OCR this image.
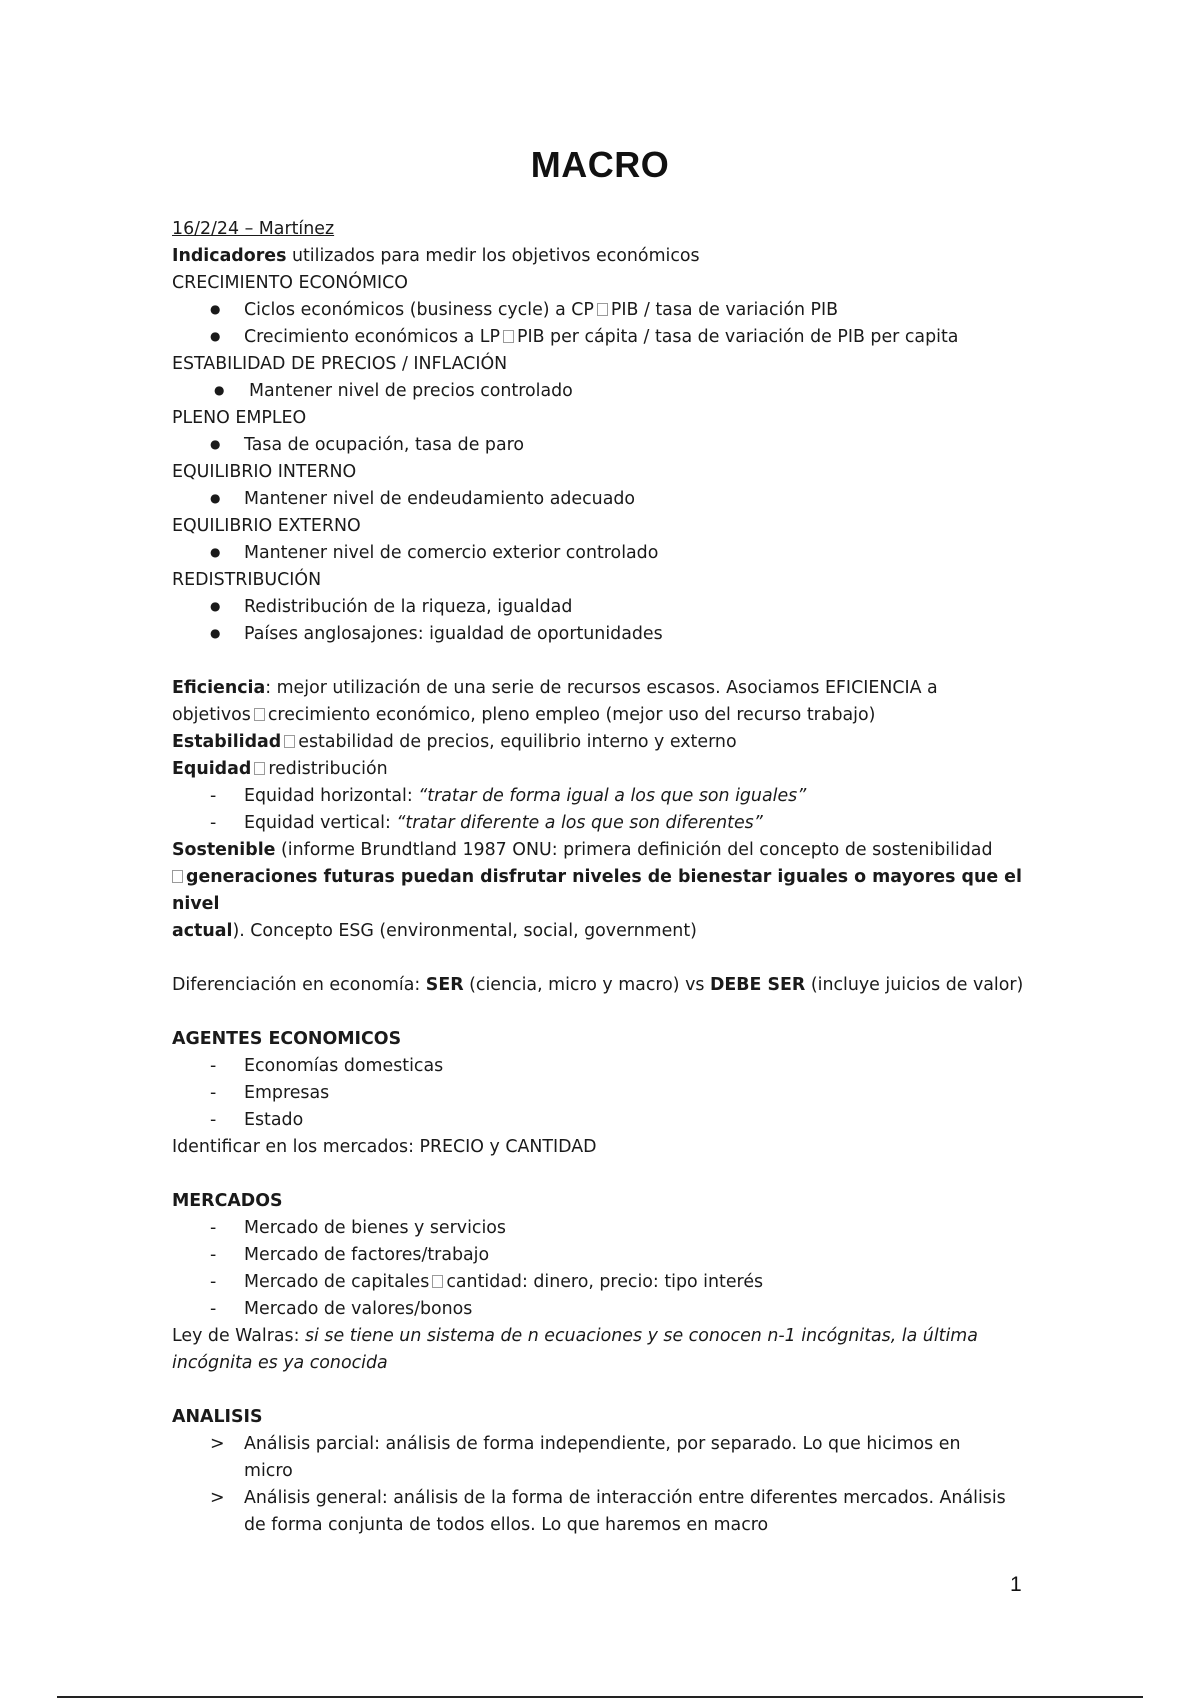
MACRO

16/2/24 – Martínez

Indicadores utilizados para medir los objetivos económicos

CRECIMIENTO ECONÓMICO

●
Ciclos económicos (business cycle) a CP PIB / tasa de variación PIB
●
Crecimiento económicos a LP PIB per cápita / tasa de variación de PIB per capita

ESTABILIDAD DE PRECIOS / INFLACIÓN

●
Mantener nivel de precios controlado

PLENO EMPLEO

●
Tasa de ocupación, tasa de paro

EQUILIBRIO INTERNO

●
Mantener nivel de endeudamiento adecuado

EQUILIBRIO EXTERNO

●
Mantener nivel de comercio exterior controlado

REDISTRIBUCIÓN

●
Redistribución de la riqueza, igualdad
●
Países anglosajones: igualdad de oportunidades

Eficiencia: mejor utilización de una serie de recursos escasos. Asociamos EFICIENCIA a
objetivos crecimiento económico, pleno empleo (mejor uso del recurso trabajo)

Estabilidad estabilidad de precios, equilibrio interno y externo

Equidad redistribución

-
Equidad horizontal: “tratar de forma igual a los que son iguales”
-
Equidad vertical: “tratar diferente a los que son diferentes”

Sostenible (informe Brundtland 1987 ONU: primera definición del concepto de sostenibilidad
generaciones futuras puedan disfrutar niveles de bienestar iguales o mayores que el nivel
actual). Concepto ESG (environmental, social, government)

Diferenciación en economía: SER (ciencia, micro y macro) vs DEBE SER (incluye juicios de valor)

AGENTES ECONOMICOS

-
Economías domesticas
-
Empresas
-
Estado

Identificar en los mercados: PRECIO y CANTIDAD

MERCADOS

-
Mercado de bienes y servicios
-
Mercado de factores/trabajo
-
Mercado de capitales cantidad: dinero, precio: tipo interés
-
Mercado de valores/bonos

Ley de Walras: si se tiene un sistema de n ecuaciones y se conocen n-1 incógnitas, la última
incógnita es ya conocida

ANALISIS

>
Análisis parcial: análisis de forma independiente, por separado. Lo que hicimos en
micro
>
Análisis general: análisis de la forma de interacción entre diferentes mercados. Análisis
de forma conjunta de todos ellos. Lo que haremos en macro
1
